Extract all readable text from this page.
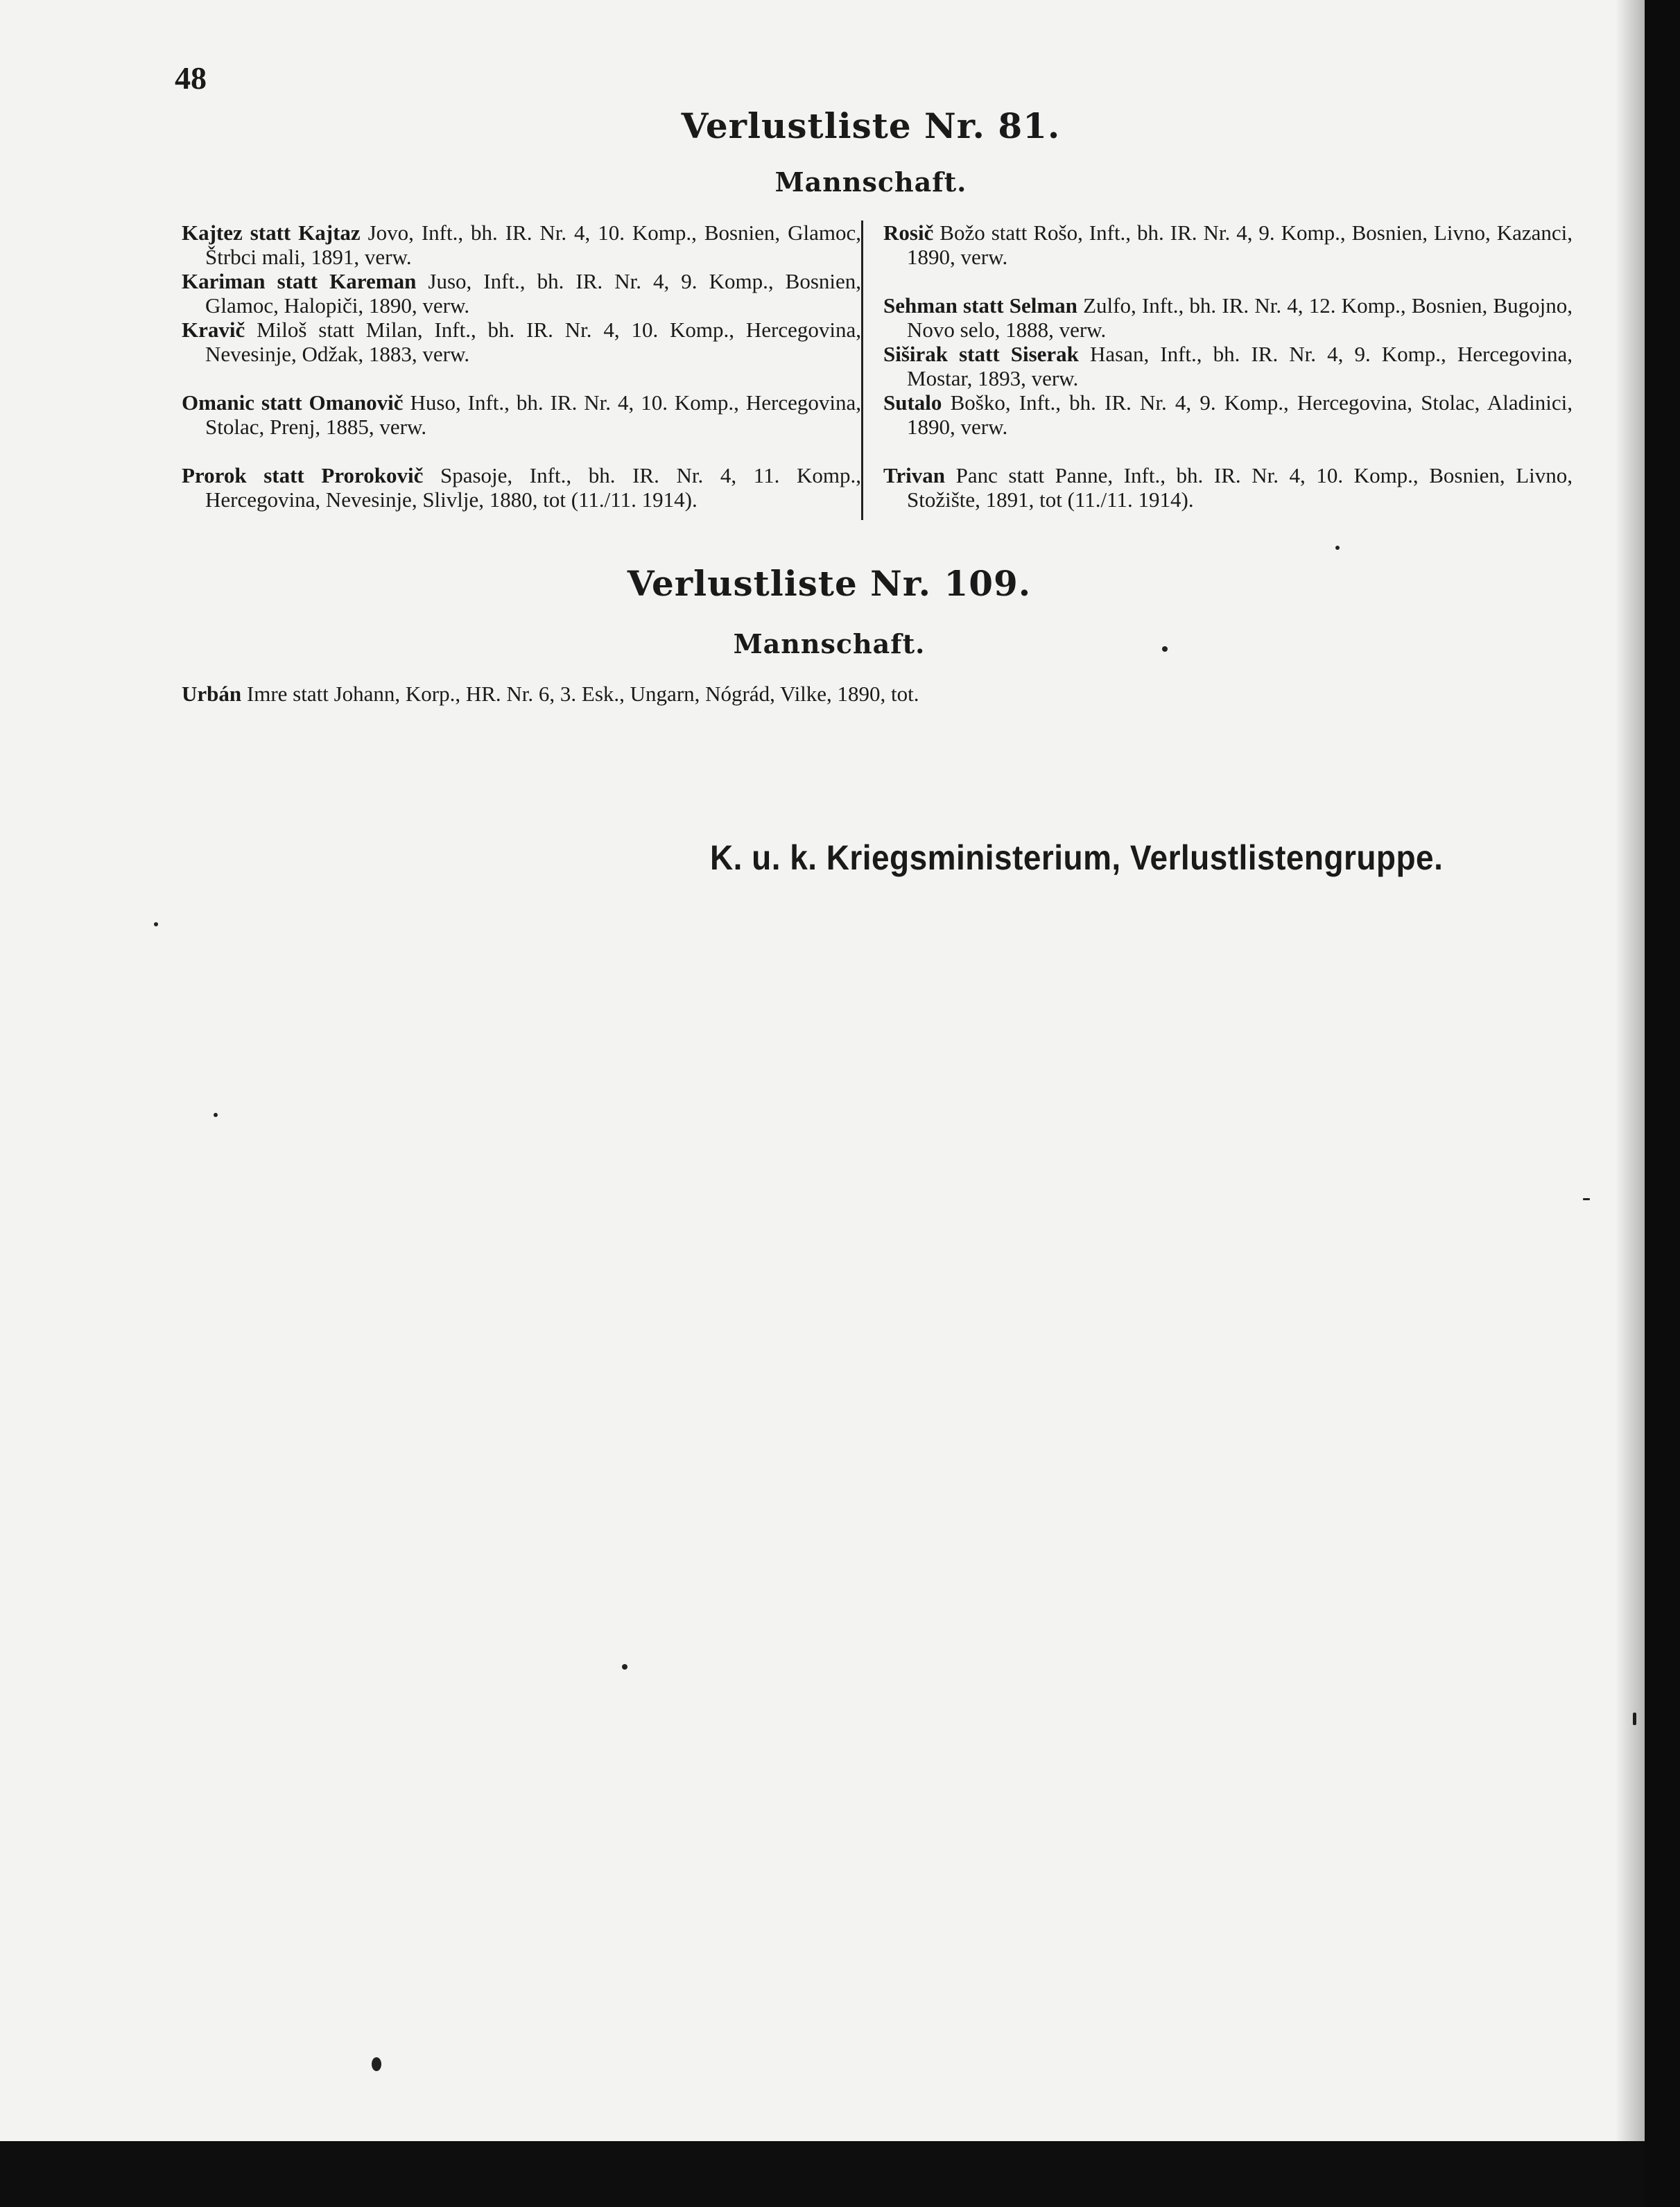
48

Verlustliste Nr. 81.
Mannschaft.

Kajtez statt Kajtaz Jovo, Inft., bh. IR. Nr. 4, 10. Komp., Bosnien, Glamoc, Štrbci mali, 1891, verw.

Kariman statt Kareman Juso, Inft., bh. IR. Nr. 4, 9. Komp., Bosnien, Glamoc, Halopiči, 1890, verw.

Kravič Miloš statt Milan, Inft., bh. IR. Nr. 4, 10. Komp., Hercegovina, Nevesinje, Odžak, 1883, verw.

Omanic statt Omanovič Huso, Inft., bh. IR. Nr. 4, 10. Komp., Hercegovina, Stolac, Prenj, 1885, verw.

Prorok statt Prorokovič Spasoje, Inft., bh. IR. Nr. 4, 11. Komp., Hercegovina, Nevesinje, Slivlje, 1880, tot (11./11. 1914).

Rosič Božo statt Rošo, Inft., bh. IR. Nr. 4, 9. Komp., Bosnien, Livno, Kazanci, 1890, verw.

Sehman statt Selman Zulfo, Inft., bh. IR. Nr. 4, 12. Komp., Bosnien, Bugojno, Novo selo, 1888, verw.

Siširak statt Siserak Hasan, Inft., bh. IR. Nr. 4, 9. Komp., Hercegovina, Mostar, 1893, verw.

Sutalo Boško, Inft., bh. IR. Nr. 4, 9. Komp., Hercegovina, Stolac, Aladinici, 1890, verw.

Trivan Panc statt Panne, Inft., bh. IR. Nr. 4, 10. Komp., Bosnien, Livno, Stožište, 1891, tot (11./11. 1914).

Verlustliste Nr. 109.
Mannschaft.

Urbán Imre statt Johann, Korp., HR. Nr. 6, 3. Esk., Ungarn, Nógrád, Vilke, 1890, tot.

K. u. k. Kriegsministerium, Verlustlistengruppe.
